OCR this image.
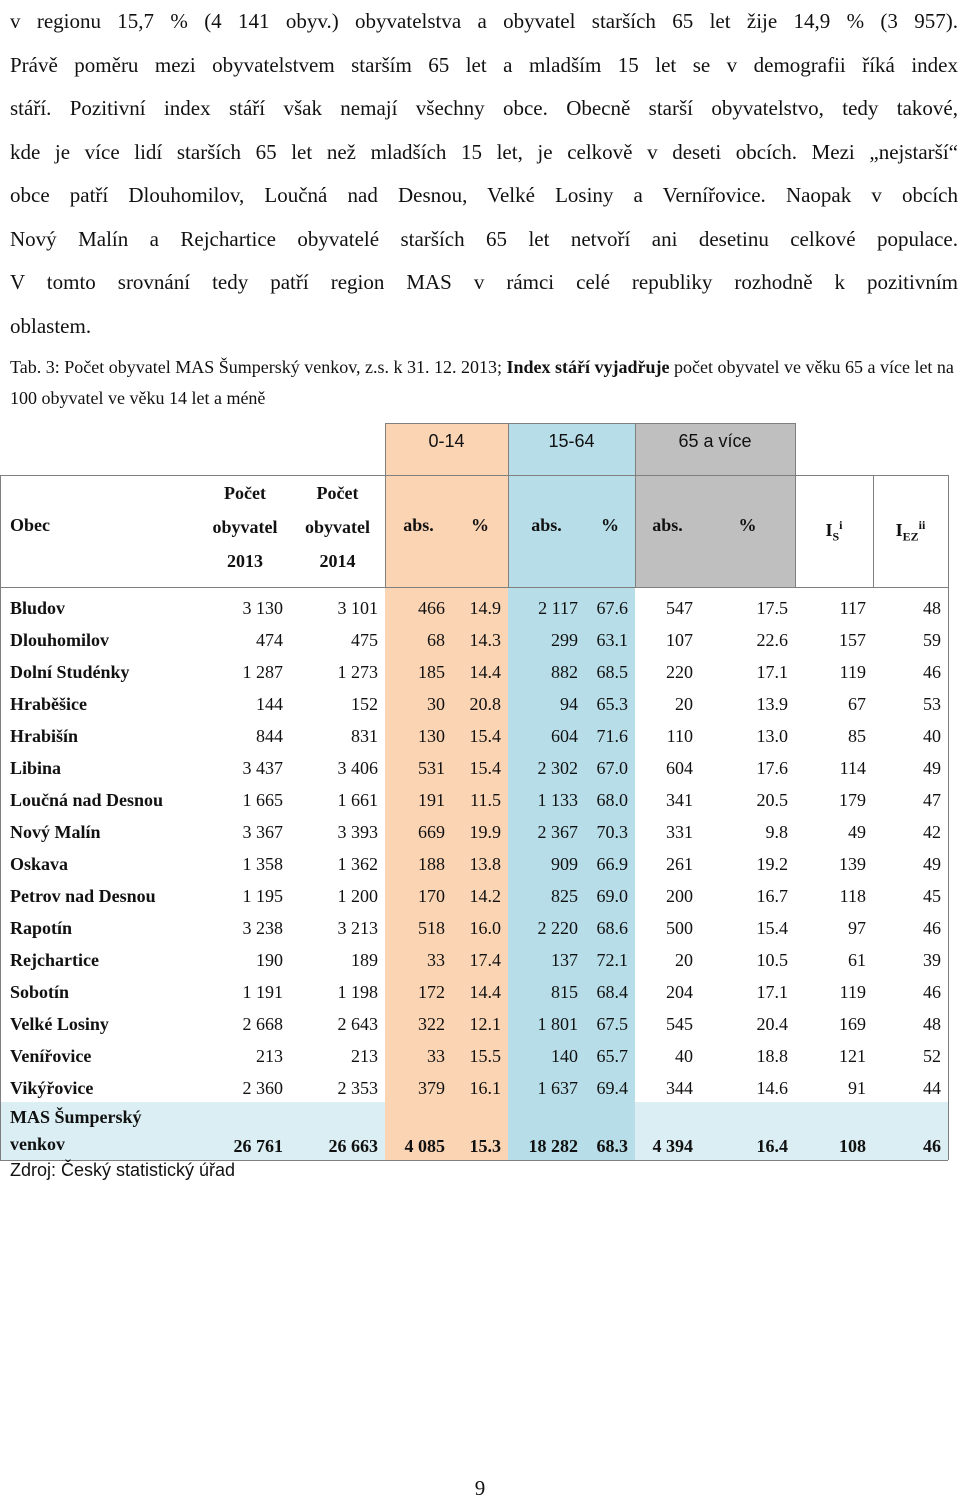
v regionu 15,7 % (4 141 obyv.) obyvatelstva a obyvatel starších 65 let žije 14,9 % (3 957).
Právě poměru mezi obyvatelstvem starším 65 let a mladším 15 let se v demografii říká index
stáří. Pozitivní index stáří však nemají všechny obce. Obecně starší obyvatelstvo, tedy takové,
kde je více lidí starších 65 let než mladších 15 let, je celkově v deseti obcích. Mezi „nejstarší“
obce patří Dlouhomilov, Loučná nad Desnou, Velké Losiny a Vernířovice. Naopak v obcích
Nový Malín a Rejchartice obyvatelé starších 65 let netvoří ani desetinu celkové populace.
V tomto srovnání tedy patří region MAS v rámci celé republiky rozhodně k pozitivním
oblastem.
Tab. 3: Počet obyvatel MAS Šumperský venkov, z.s. k 31. 12. 2013; Index stáří vyjadřuje počet obyvatel ve věku 65 a více let na 100 obyvatel ve věku 14 let a méně
0-14	15-64	65 a více
Obec
Počet
obyvatel
2013
Počet
obyvatel
2014
abs.	%	abs.	%	abs.	%	$I_S^i$	$I_{EZ}^{ii}$
Bludov	3 130	3 101	466	14.9	2 117	67.6	547	17.5	117	48
Dlouhomilov	474	475	68	14.3	299	63.1	107	22.6	157	59
Dolní Studénky	1 287	1 273	185	14.4	882	68.5	220	17.1	119	46
Hraběšice	144	152	30	20.8	94	65.3	20	13.9	67	53
Hrabišín	844	831	130	15.4	604	71.6	110	13.0	85	40
Libina	3 437	3 406	531	15.4	2 302	67.0	604	17.6	114	49
Loučná nad Desnou	1 665	1 661	191	11.5	1 133	68.0	341	20.5	179	47
Nový Malín	3 367	3 393	669	19.9	2 367	70.3	331	9.8	49	42
Oskava	1 358	1 362	188	13.8	909	66.9	261	19.2	139	49
Petrov nad Desnou	1 195	1 200	170	14.2	825	69.0	200	16.7	118	45
Rapotín	3 238	3 213	518	16.0	2 220	68.6	500	15.4	97	46
Rejchartice	190	189	33	17.4	137	72.1	20	10.5	61	39
Sobotín	1 191	1 198	172	14.4	815	68.4	204	17.1	119	46
Velké Losiny	2 668	2 643	322	12.1	1 801	67.5	545	20.4	169	48
Venířovice	213	213	33	15.5	140	65.7	40	18.8	121	52
Vikýřovice	2 360	2 353	379	16.1	1 637	69.4	344	14.6	91	44
MAS Šumperský
venkov	26 761	26 663	4 085	15.3	18 282	68.3	4 394	16.4	108	46
Zdroj: Český statistický úřad
9
